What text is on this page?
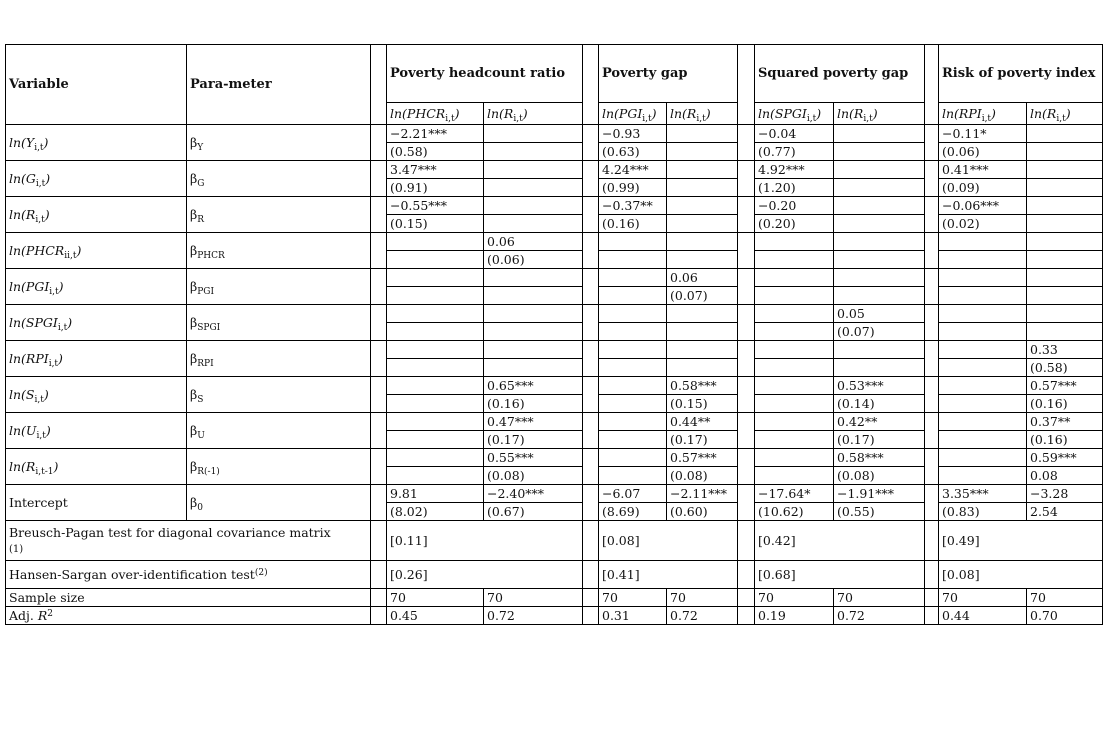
Variable	Para-meter		Poverty headcount ratio			Poverty gap			Squared poverty gap			Risk of poverty index	
			$\ln(PHCR_{i,t})$	$\ln(R_{i,t})$		$\ln(PGI_{i,t})$	$\ln(R_{i,t})$		$\ln(SPGI_{i,t})$	$\ln(R_{i,t})$		$\ln(RPI_{i,t})$	$\ln(R_{i,t})$
$\ln(Y_{i,t})$	$\beta_Y$		−2.21***			−0.93			−0.04			−0.11*	
			(0.58)			(0.63)			(0.77)			(0.06)	
$\ln(G_{i,t})$	$\beta_G$		3.47***			4.24***			4.92***			0.41***	
			(0.91)			(0.99)			(1.20)			(0.09)	
$\ln(R_{i,t})$	$\beta_R$		−0.55***			−0.37**			−0.20			−0.06***	
			(0.15)			(0.16)			(0.20)			(0.02)	
$\ln(PHCR_{ii,t})$	$\beta_{PHCR}$			0.06									
				(0.06)									
$\ln(PGI_{i,t})$	$\beta_{PGI}$						0.06						
							(0.07)						
$\ln(SPGI_{i,t})$	$\beta_{SPGI}$									0.05			
										(0.07)			
$\ln(RPI_{i,t})$	$\beta_{RPI}$												0.33
													(0.58)
$\ln(S_{i,t})$	$\beta_S$			0.65***			0.58***			0.53***			0.57***
				(0.16)			(0.15)			(0.14)			(0.16)
$\ln(U_{i,t})$	$\beta_U$			0.47***			0.44**			0.42**			0.37**
				(0.17)			(0.17)			(0.17)			(0.16)
$\ln(R_{i,t-1})$	$\beta_{R(-1)}$			0.55***			0.57***			0.58***			0.59***
				(0.08)			(0.08)			(0.08)			0.08
Intercept	$\beta_0$		9.81	−2.40***		−6.07	−2.11***		−17.64*	−1.91***		3.35***	−3.28
			(8.02)	(0.67)		(8.69)	(0.60)		(10.62)	(0.55)		(0.83)	2.54
Breusch-Pagan test for diagonal covariance matrix
(1)			[0.11]			[0.08]			[0.42]			[0.49]	
Hansen-Sargan over-identification test$^{(2)}$			[0.26]			[0.41]			[0.68]			[0.08]	
Sample size			70	70		70	70		70	70		70	70
Adj. $R^2$			0.45	0.72		0.31	0.72		0.19	0.72		0.44	0.70
